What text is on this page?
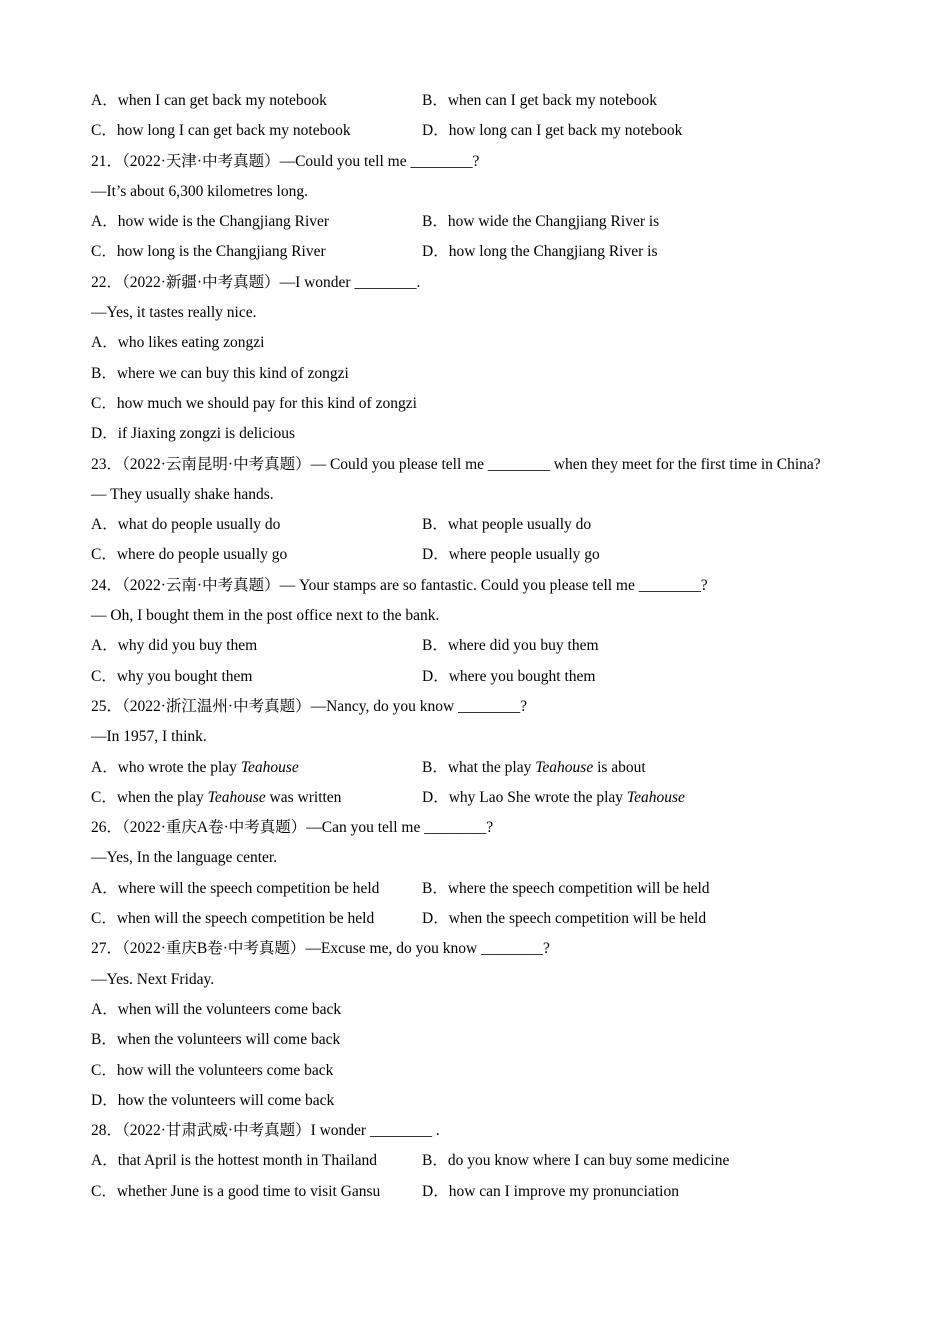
A．when I can get back my notebook	B．when can I get back my notebook
C．how long I can get back my notebook	D．how long can I get back my notebook
21．（2022·天津·中考真题）—Could you tell me ________?
—It’s about 6,300 kilometres long.
A．how wide is the Changjiang River	B．how wide the Changjiang River is
C．how long is the Changjiang River	D．how long the Changjiang River is
22．（2022·新疆·中考真题）—I wonder ________.
—Yes, it tastes really nice.
A．who likes eating zongzi
B．where we can buy this kind of zongzi
C．how much we should pay for this kind of zongzi
D．if Jiaxing zongzi is delicious
23．（2022·云南昆明·中考真题）— Could you please tell me ________ when they meet for the first time in China?
— They usually shake hands.
A．what do people usually do	B．what people usually do
C．where do people usually go	D．where people usually go
24．（2022·云南·中考真题）— Your stamps are so fantastic. Could you please tell me ________?
— Oh, I bought them in the post office next to the bank.
A．why did you buy them	B．where did you buy them
C．why you bought them	D．where you bought them
25．（2022·浙江温州·中考真题）—Nancy, do you know ________?
—In 1957, I think.
A．who wrote the play Teahouse	B．what the play Teahouse is about
C．when the play Teahouse was written	D．why Lao She wrote the play Teahouse
26．（2022·重庆A卷·中考真题）—Can you tell me ________?
—Yes, In the language center.
A．where will the speech competition be held	B．where the speech competition will be held
C．when will the speech competition be held	D．when the speech competition will be held
27．（2022·重庆B卷·中考真题）—Excuse me, do you know ________?
—Yes. Next Friday.
A．when will the volunteers come back
B．when the volunteers will come back
C．how will the volunteers come back
D．how the volunteers will come back
28．（2022·甘肃武威·中考真题）I wonder ________ .
A．that April is the hottest month in Thailand	B．do you know where I can buy some medicine
C．whether June is a good time to visit Gansu	D．how can I improve my pronunciation
